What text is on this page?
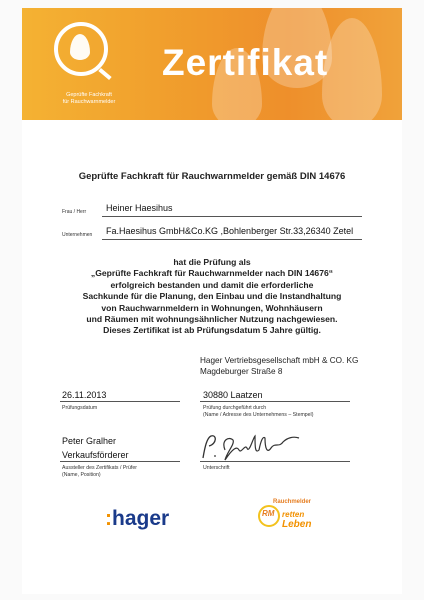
Geprüfte Fachkraft
für Rauchwarnmelder
Zertifikat
Geprüfte Fachkraft für Rauchwarnmelder gemäß DIN 14676
Frau / Herr Heiner Haesihus
Unternehmen Fa.Haesihus GmbH&Co.KG ,Bohlenberger Str.33,26340 Zetel
hat die Prüfung als
„Geprüfte Fachkraft für Rauchwarnmelder nach DIN 14676“
erfolgreich bestanden und damit die erforderliche
Sachkunde für die Planung, den Einbau und die Instandhaltung
von Rauchwarnmeldern in Wohnungen, Wohnhäusern
und Räumen mit wohnungsähnlicher Nutzung nachgewiesen.
Dieses Zertifikat ist ab Prüfungsdatum 5 Jahre gültig.
Hager Vertriebsgesellschaft mbH & CO. KG
Magdeburger Straße 8
26.11.2013
Prüfungsdatum
30880 Laatzen
Prüfung durchgeführt durch
(Name / Adresse des Unternehmens – Stempel)
Peter Gralher
Verkaufsförderer
Aussteller des Zertifikats / Prüfer
(Name, Position)
P. Gralher
Unterschrift
:hager	RM
Rauchmelder
retten
Leben
